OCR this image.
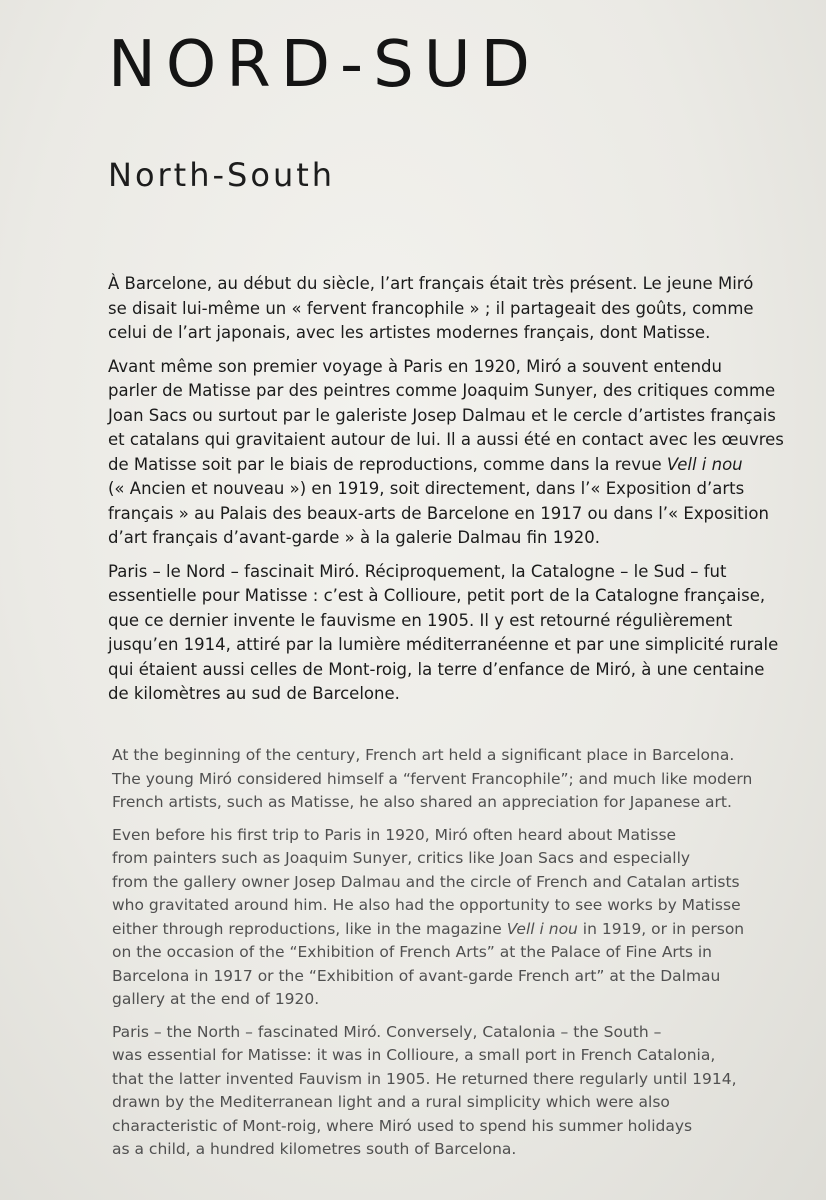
NORD-SUD
North-South

À Barcelone, au début du siècle, l’art français était très présent. Le jeune Miró
se disait lui-même un « fervent francophile » ; il partageait des goûts, comme
celui de l’art japonais, avec les artistes modernes français, dont Matisse.

Avant même son premier voyage à Paris en 1920, Miró a souvent entendu
parler de Matisse par des peintres comme Joaquim Sunyer, des critiques comme
Joan Sacs ou surtout par le galeriste Josep Dalmau et le cercle d’artistes français
et catalans qui gravitaient autour de lui. Il a aussi été en contact avec les œuvres
de Matisse soit par le biais de reproductions, comme dans la revue Vell i nou
(« Ancien et nouveau ») en 1919, soit directement, dans l’« Exposition d’arts
français » au Palais des beaux-arts de Barcelone en 1917 ou dans l’« Exposition
d’art français d’avant-garde » à la galerie Dalmau fin 1920.

Paris – le Nord – fascinait Miró. Réciproquement, la Catalogne – le Sud – fut
essentielle pour Matisse : c’est à Collioure, petit port de la Catalogne française,
que ce dernier invente le fauvisme en 1905. Il y est retourné régulièrement
jusqu’en 1914, attiré par la lumière méditerranéenne et par une simplicité rurale
qui étaient aussi celles de Mont-roig, la terre d’enfance de Miró, à une centaine
de kilomètres au sud de Barcelone.

At the beginning of the century, French art held a significant place in Barcelona.
The young Miró considered himself a “fervent Francophile”; and much like modern
French artists, such as Matisse, he also shared an appreciation for Japanese art.

Even before his first trip to Paris in 1920, Miró often heard about Matisse
from painters such as Joaquim Sunyer, critics like Joan Sacs and especially
from the gallery owner Josep Dalmau and the circle of French and Catalan artists
who gravitated around him. He also had the opportunity to see works by Matisse
either through reproductions, like in the magazine Vell i nou in 1919, or in person
on the occasion of the “Exhibition of French Arts” at the Palace of Fine Arts in
Barcelona in 1917 or the “Exhibition of avant-garde French art” at the Dalmau
gallery at the end of 1920.

Paris – the North – fascinated Miró. Conversely, Catalonia – the South –
was essential for Matisse: it was in Collioure, a small port in French Catalonia,
that the latter invented Fauvism in 1905. He returned there regularly until 1914,
drawn by the Mediterranean light and a rural simplicity which were also
characteristic of Mont-roig, where Miró used to spend his summer holidays
as a child, a hundred kilometres south of Barcelona.
